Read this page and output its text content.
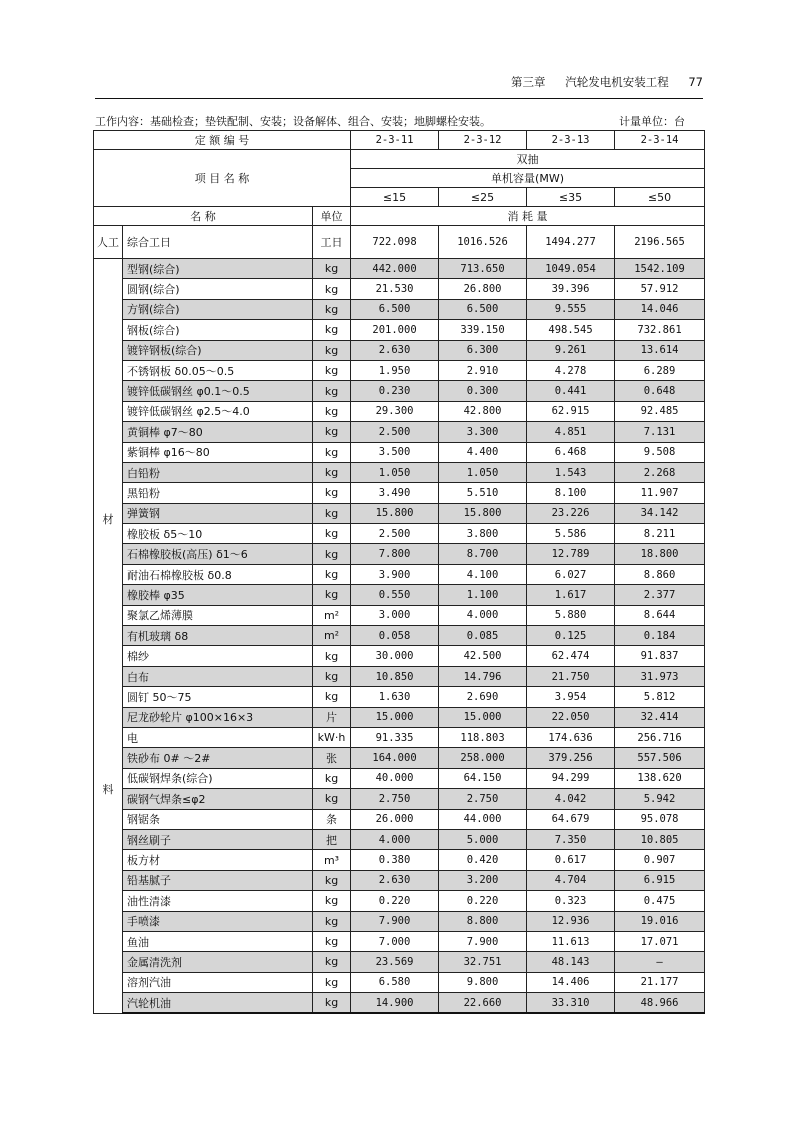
第三章 汽轮发电机安装工程 77
工作内容：基础检查；垫铁配制、安装；设备解体、组合、安装；地脚螺栓安装。	计量单位：台
定 额 编 号			2-3-11	2-3-12	2-3-13	2-3-14
项 目 名 称			双抽			
			单机容量(MW)			
			≤15	≤25	≤35	≤50
名 称		单位	消 耗 量			
人工	综合工日	工日	722.098	1016.526	1494.277	2196.565

材
料	型钢(综合)	kg	442.000	713.650	1049.054	1542.109
	圆钢(综合)	kg	21.530	26.800	39.396	57.912
	方钢(综合)	kg	6.500	6.500	9.555	14.046
	钢板(综合)	kg	201.000	339.150	498.545	732.861
	镀锌钢板(综合)	kg	2.630	6.300	9.261	13.614
	不锈钢板 δ0.05～0.5	kg	1.950	2.910	4.278	6.289
	镀锌低碳钢丝 φ0.1～0.5	kg	0.230	0.300	0.441	0.648
	镀锌低碳钢丝 φ2.5～4.0	kg	29.300	42.800	62.915	92.485
	黄铜棒 φ7～80	kg	2.500	3.300	4.851	7.131
	紫铜棒 φ16～80	kg	3.500	4.400	6.468	9.508
	白铅粉	kg	1.050	1.050	1.543	2.268
	黑铅粉	kg	3.490	5.510	8.100	11.907
	弹簧钢	kg	15.800	15.800	23.226	34.142
	橡胶板 δ5～10	kg	2.500	3.800	5.586	8.211
	石棉橡胶板(高压) δ1～6	kg	7.800	8.700	12.789	18.800
	耐油石棉橡胶板 δ0.8	kg	3.900	4.100	6.027	8.860
	橡胶棒 φ35	kg	0.550	1.100	1.617	2.377
	聚氯乙烯薄膜	m²	3.000	4.000	5.880	8.644
	有机玻璃 δ8	m²	0.058	0.085	0.125	0.184
	棉纱	kg	30.000	42.500	62.474	91.837
	白布	kg	10.850	14.796	21.750	31.973
	圆钉 50～75	kg	1.630	2.690	3.954	5.812
	尼龙砂轮片 φ100×16×3	片	15.000	15.000	22.050	32.414
	电	kW·h	91.335	118.803	174.636	256.716
	铁砂布 0# ～2#	张	164.000	258.000	379.256	557.506
	低碳钢焊条(综合)	kg	40.000	64.150	94.299	138.620
	碳钢气焊条≤φ2	kg	2.750	2.750	4.042	5.942
	钢锯条	条	26.000	44.000	64.679	95.078
	钢丝刷子	把	4.000	5.000	7.350	10.805
	板方材	m³	0.380	0.420	0.617	0.907
	铅基腻子	kg	2.630	3.200	4.704	6.915
	油性清漆	kg	0.220	0.220	0.323	0.475
	手喷漆	kg	7.900	8.800	12.936	19.016
	鱼油	kg	7.000	7.900	11.613	17.071
	金属清洗剂	kg	23.569	32.751	48.143	—
	溶剂汽油	kg	6.580	9.800	14.406	21.177
	汽轮机油	kg	14.900	22.660	33.310	48.966
